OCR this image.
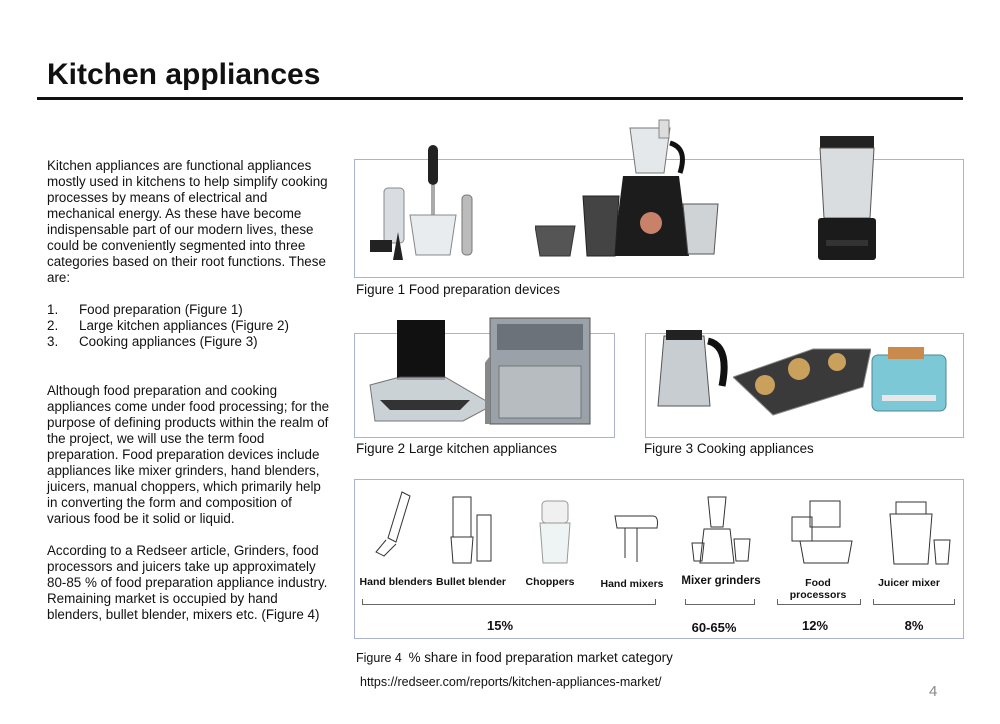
Kitchen appliances

Kitchen appliances are functional appliances mostly used in kitchens to help simplify cooking processes by means of electrical and mechanical energy. As these have become indispensable part of our modern lives, these could be conveniently segmented into three categories based on their root functions. These are:

1.	Food preparation (Figure 1)
2.	Large kitchen appliances (Figure 2)
3.	Cooking appliances (Figure 3)

Although food preparation and cooking appliances come under food processing; for the purpose of defining products within the realm of the project, we will use the term food preparation. Food preparation devices include appliances like mixer grinders, hand blenders, juicers, manual choppers, which primarily help in converting the form and composition of various food be it solid or liquid.

According to a Redseer article, Grinders, food processors and juicers take up approximately 80-85 % of food preparation appliance industry. Remaining market is occupied by hand blenders, bullet blender, mixers etc. (Figure 4)

Figure 1 Food preparation devices
Figure 2 Large kitchen appliances	Figure 3 Cooking appliances
Hand blenders Bullet blender	Choppers	Hand mixers	Mixer grinders	Food processors
Juicer mixer
15%	60-65%	12%	8%
Figure 4 % share in food preparation market category
https://redseer.com/reports/kitchen-appliances-market/
4
